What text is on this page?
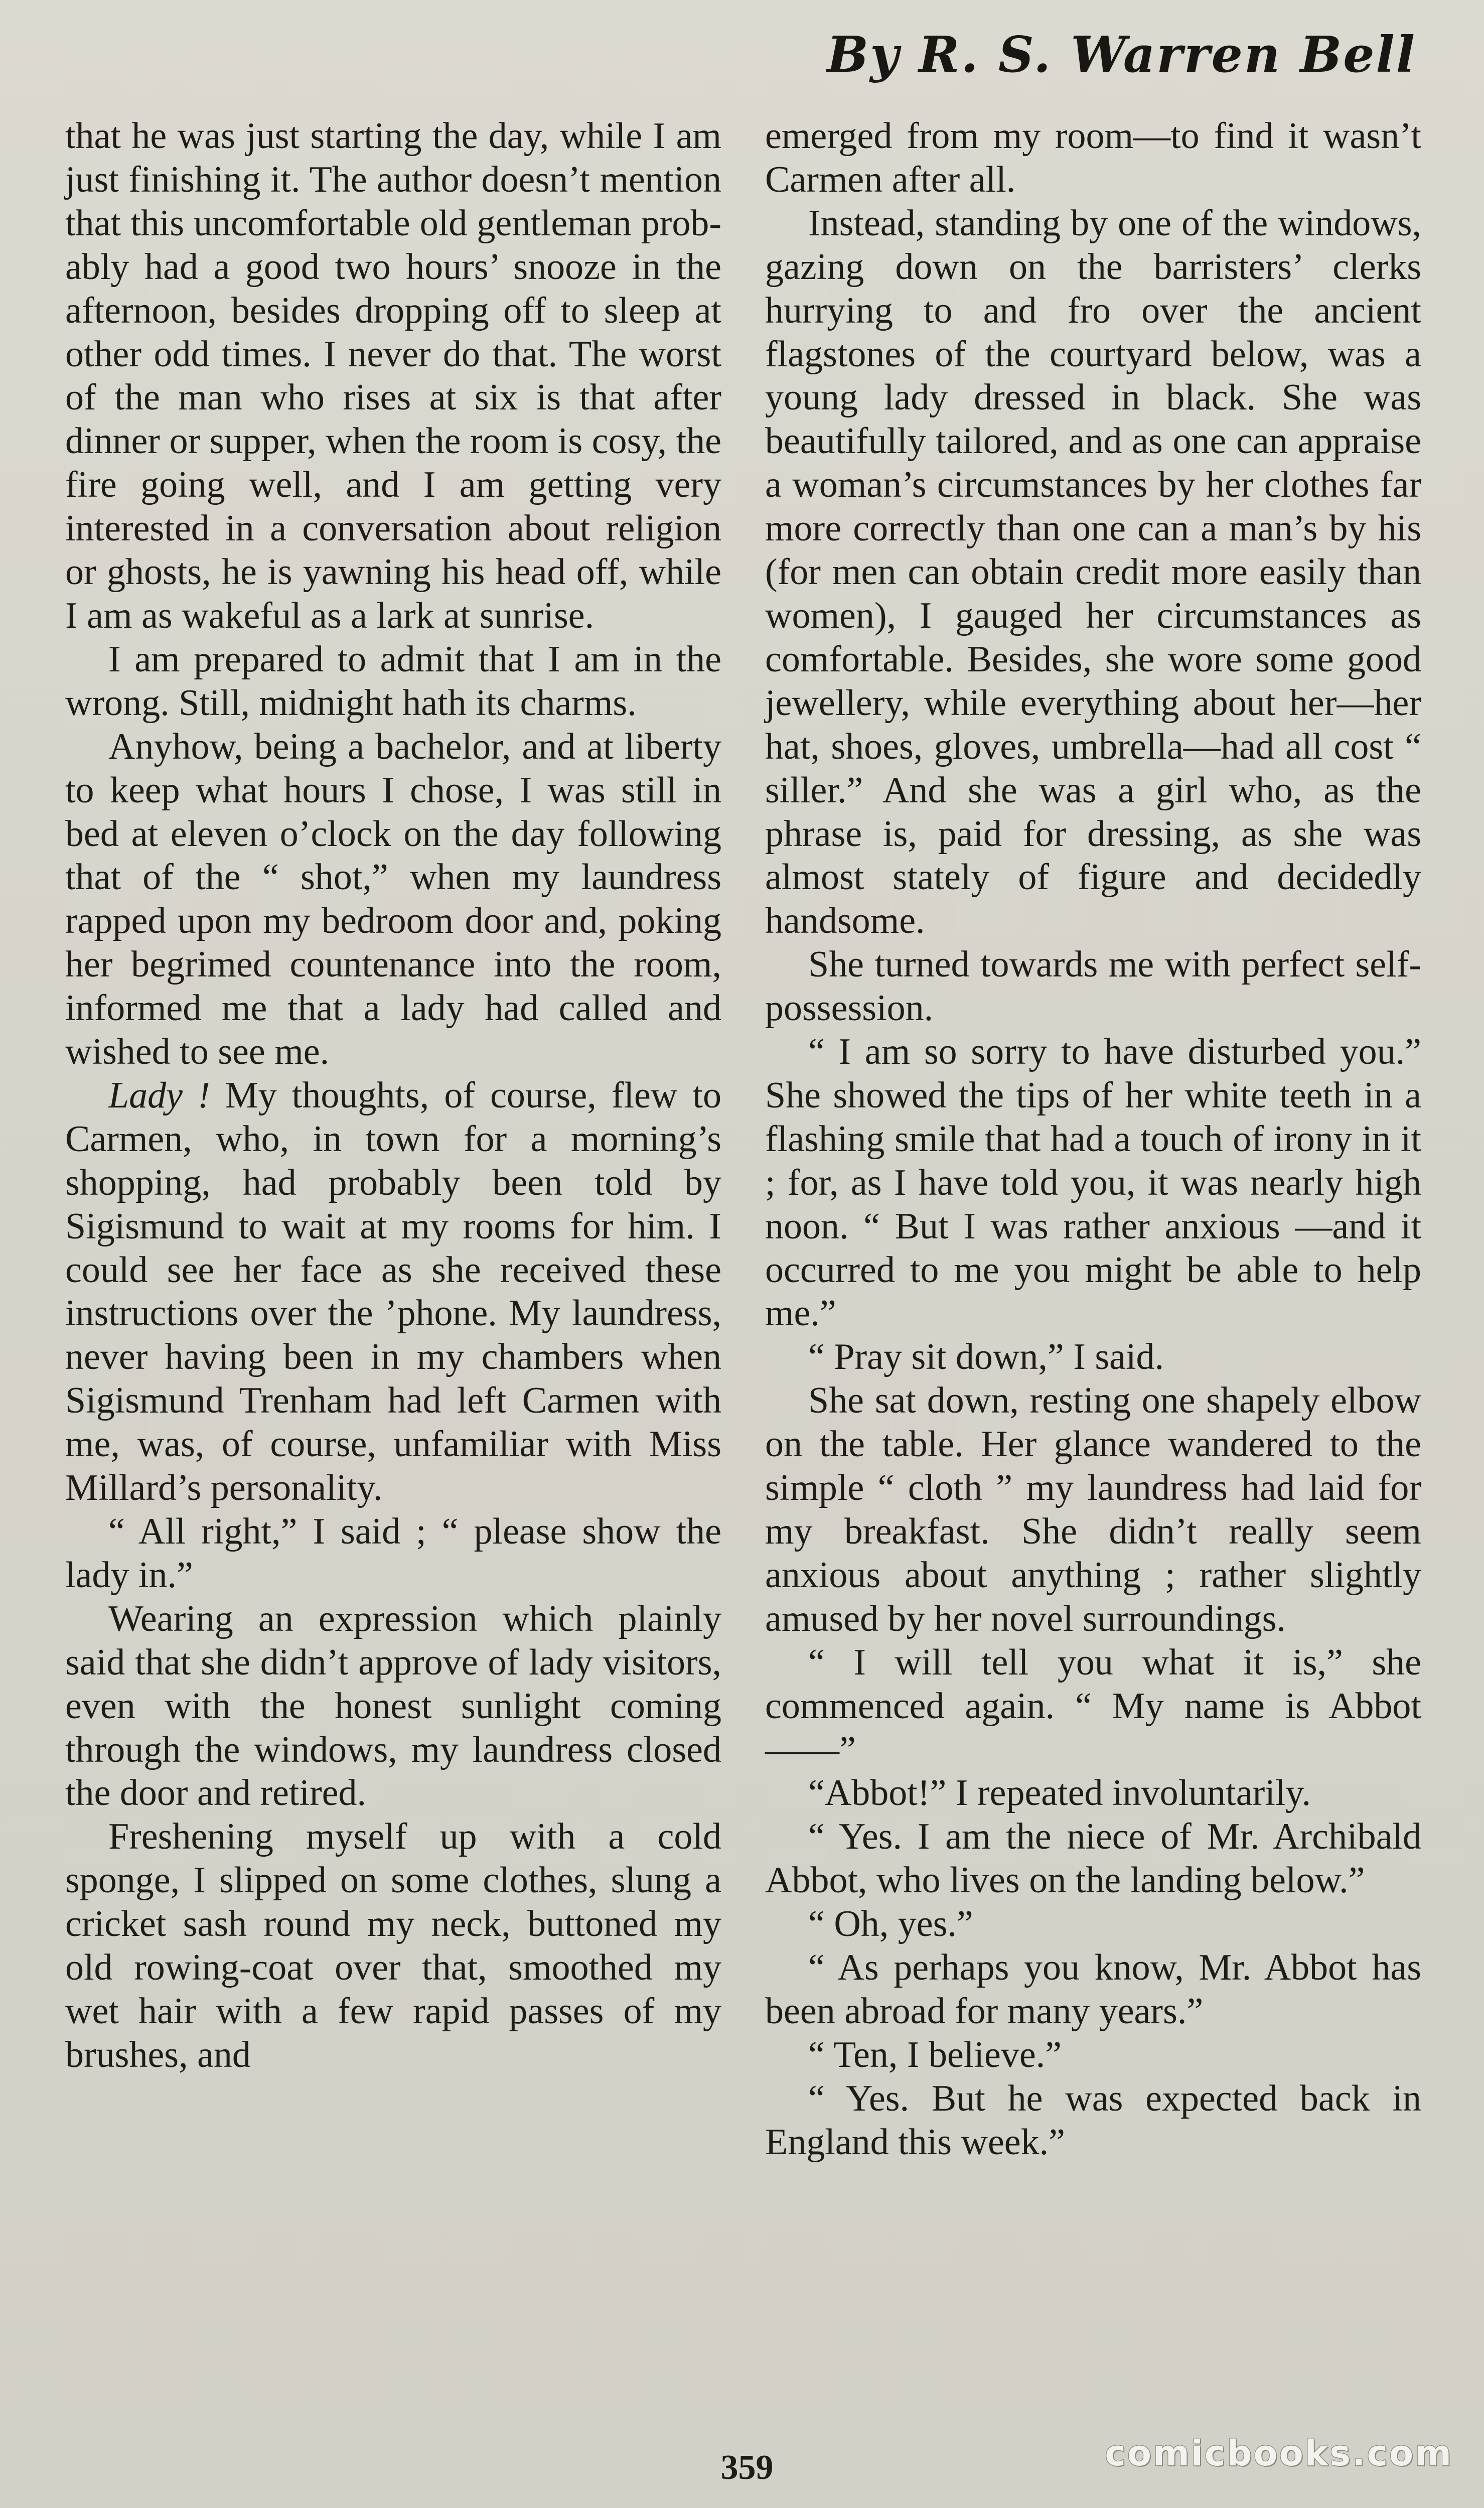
By R. S. Warren Bell

that he was just starting the day, while I am just finishing it. The author doesn’t mention that this uncomfortable old gentleman probably had a good two hours’ snooze in the afternoon, besides dropping off to sleep at other odd times. I never do that. The worst of the man who rises at six is that after dinner or supper, when the room is cosy, the fire going well, and I am getting very interested in a conversation about religion or ghosts, he is yawning his head off, while I am as wakeful as a lark at sunrise.

I am prepared to admit that I am in the wrong. Still, midnight hath its charms.

Anyhow, being a bachelor, and at liberty to keep what hours I chose, I was still in bed at eleven o’clock on the day following that of the “ shot,” when my laundress rapped upon my bedroom door and, poking her begrimed countenance into the room, informed me that a lady had called and wished to see me.

Lady ! My thoughts, of course, flew to Carmen, who, in town for a morning’s shopping, had probably been told by Sigismund to wait at my rooms for him. I could see her face as she received these instructions over the ’phone. My laundress, never having been in my chambers when Sigismund Trenham had left Carmen with me, was, of course, unfamiliar with Miss Millard’s personality.

“ All right,” I said ; “ please show the lady in.”

Wearing an expression which plainly said that she didn’t approve of lady visitors, even with the honest sunlight coming through the windows, my laundress closed the door and retired.

Freshening myself up with a cold sponge, I slipped on some clothes, slung a cricket sash round my neck, buttoned my old rowing-coat over that, smoothed my wet hair with a few rapid passes of my brushes, and

emerged from my room—to find it wasn’t Carmen after all.

Instead, standing by one of the windows, gazing down on the barristers’ clerks hurrying to and fro over the ancient flagstones of the courtyard below, was a young lady dressed in black. She was beautifully tailored, and as one can appraise a woman’s circumstances by her clothes far more correctly than one can a man’s by his (for men can obtain credit more easily than women), I gauged her circumstances as comfortable. Besides, she wore some good jewellery, while everything about her—her hat, shoes, gloves, umbrella—had all cost “ siller.” And she was a girl who, as the phrase is, paid for dressing, as she was almost stately of figure and decidedly handsome.

She turned towards me with perfect self-possession.

“ I am so sorry to have disturbed you.” She showed the tips of her white teeth in a flashing smile that had a touch of irony in it ; for, as I have told you, it was nearly high noon. “ But I was rather anxious —and it occurred to me you might be able to help me.”

“ Pray sit down,” I said.

She sat down, resting one shapely elbow on the table. Her glance wandered to the simple “ cloth ” my laundress had laid for my breakfast. She didn’t really seem anxious about anything ; rather slightly amused by her novel surroundings.

“ I will tell you what it is,” she commenced again. “ My name is Abbot——”

“Abbot!” I repeated involuntarily.

“ Yes. I am the niece of Mr. Archibald Abbot, who lives on the landing below.”

“ Oh, yes.”

“ As perhaps you know, Mr. Abbot has been abroad for many years.”

“ Ten, I believe.”

“ Yes. But he was expected back in England this week.”

359	comicbooks.com
